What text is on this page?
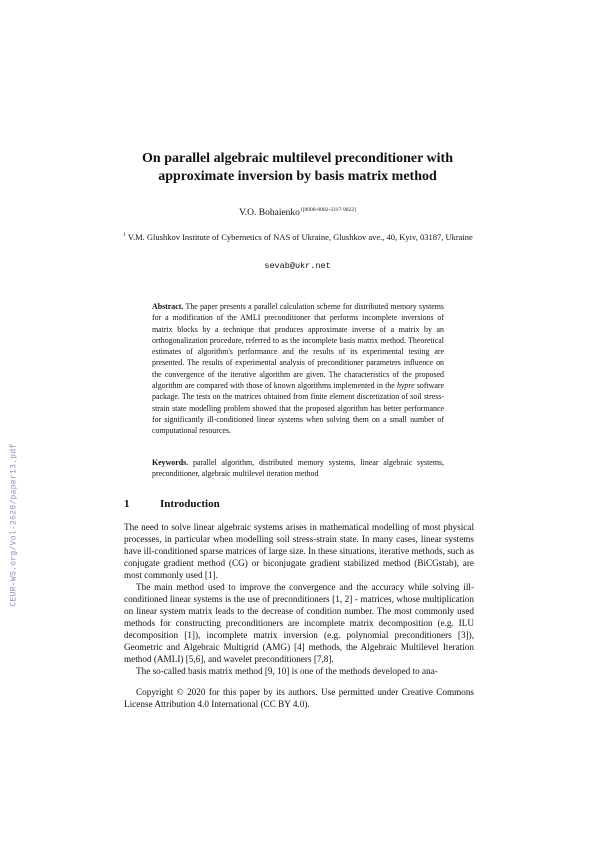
CEUR-WS.org/Vol-2628/paper13.pdf
On parallel algebraic multilevel preconditioner with
approximate inversion by basis matrix method
V.O. Bohaienko$^{1[0000-0002-3317-9022]}$
$^1$ V.M. Glushkov Institute of Cybernetics of NAS of Ukraine, Glushkov ave., 40, Kyiv, 03187, Ukraine
sevab@ukr.net
Abstract. The paper presents a parallel calculation scheme for distributed memory systems for a modification of the AMLI preconditioner that performs incomplete inversions of matrix blocks by a technique that produces approximate inverse of a matrix by an orthogonalization procedure, referred to as the incomplete basis matrix method. Theoretical estimates of algorithm's performance and the results of its experimental testing are presented. The results of experimental analysis of preconditioner parameters influence on the convergence of the iterative algorithm are given. The characteristics of the proposed algorithm are compared with those of known algorithms implemented in the hypre software package. The tests on the matrices obtained from finite element discretization of soil stress-strain state modelling problem showed that the proposed algorithm has better performance for significantly ill-conditioned linear systems when solving them on a small number of computational resources.
Keywords. parallel algorithm, distributed memory systems, linear algebraic systems, preconditioner, algebraic multilevel iteration method
1	Introduction

The need to solve linear algebraic systems arises in mathematical modelling of most physical processes, in particular when modelling soil stress-strain state. In many cases, linear systems have ill-conditioned sparse matrices of large size. In these situations, iterative methods, such as conjugate gradient method (CG) or biconjugate gradient stabilized method (BiCGstab), are most commonly used [1].

The main method used to improve the convergence and the accuracy while solving ill-conditioned linear systems is the use of preconditioners [1, 2] - matrices, whose multiplication on linear system matrix leads to the decrease of condition number. The most commonly used methods for constructing preconditioners are incomplete matrix decomposition (e.g. ILU decomposition [1]), incomplete matrix inversion (e.g. polynomial preconditioners [3]), Geometric and Algebraic Multigrid (AMG) [4] methods, the Algebraic Multilevel Iteration method (AMLI) [5,6], and wavelet preconditioners [7,8].

The so-called basis matrix method [9, 10] is one of the methods developed to ana-

Copyright © 2020 for this paper by its authors. Use permitted under Creative Commons License Attribution 4.0 International (CC BY 4.0).
